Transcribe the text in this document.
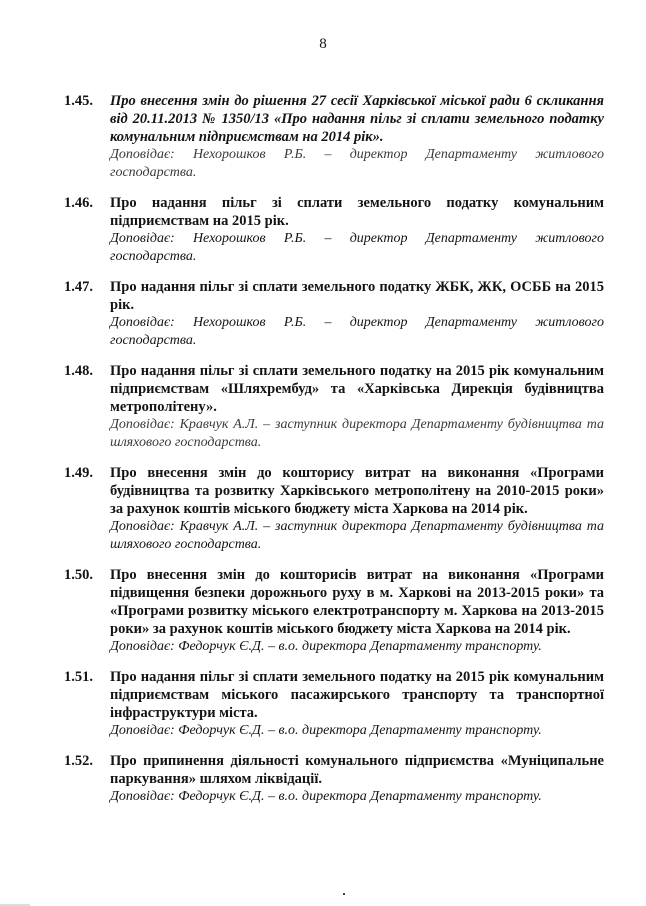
8
1.45. Про внесення змін до рішення 27 сесії Харківської міської ради 6 скликання від 20.11.2013 № 1350/13 «Про надання пільг зі сплати земельного податку комунальним підприємствам на 2014 рік».
Доповідає: Нехорошков Р.Б. – директор Департаменту житлового господарства.
1.46. Про надання пільг зі сплати земельного податку комунальним підприємствам на 2015 рік.
Доповідає: Нехорошков Р.Б. – директор Департаменту житлового господарства.
1.47. Про надання пільг зі сплати земельного податку ЖБК, ЖК, ОСББ на 2015 рік.
Доповідає: Нехорошков Р.Б. – директор Департаменту житлового господарства.
1.48. Про надання пільг зі сплати земельного податку на 2015 рік комунальним підприємствам «Шляхрембуд» та «Харківська Дирекція будівництва метрополітену».
Доповідає: Кравчук А.Л. – заступник директора Департаменту будівництва та шляхового господарства.
1.49. Про внесення змін до кошторису витрат на виконання «Програми будівництва та розвитку Харківського метрополітену на 2010-2015 роки» за рахунок коштів міського бюджету міста Харкова на 2014 рік.
Доповідає: Кравчук А.Л. – заступник директора Департаменту будівництва та шляхового господарства.
1.50. Про внесення змін до кошторисів витрат на виконання «Програми підвищення безпеки дорожнього руху в м. Харкові на 2013-2015 роки» та «Програми розвитку міського електротранспорту м. Харкова на 2013-2015 роки» за рахунок коштів міського бюджету міста Харкова на 2014 рік.
Доповідає: Федорчук Є.Д. – в.о. директора Департаменту транспорту.
1.51. Про надання пільг зі сплати земельного податку на 2015 рік комунальним підприємствам міського пасажирського транспорту та транспортної інфраструктури міста.
Доповідає: Федорчук Є.Д. – в.о. директора Департаменту транспорту.
1.52. Про припинення діяльності комунального підприємства «Муніципальне паркування» шляхом ліквідації.
Доповідає: Федорчук Є.Д. – в.о. директора Департаменту транспорту.
